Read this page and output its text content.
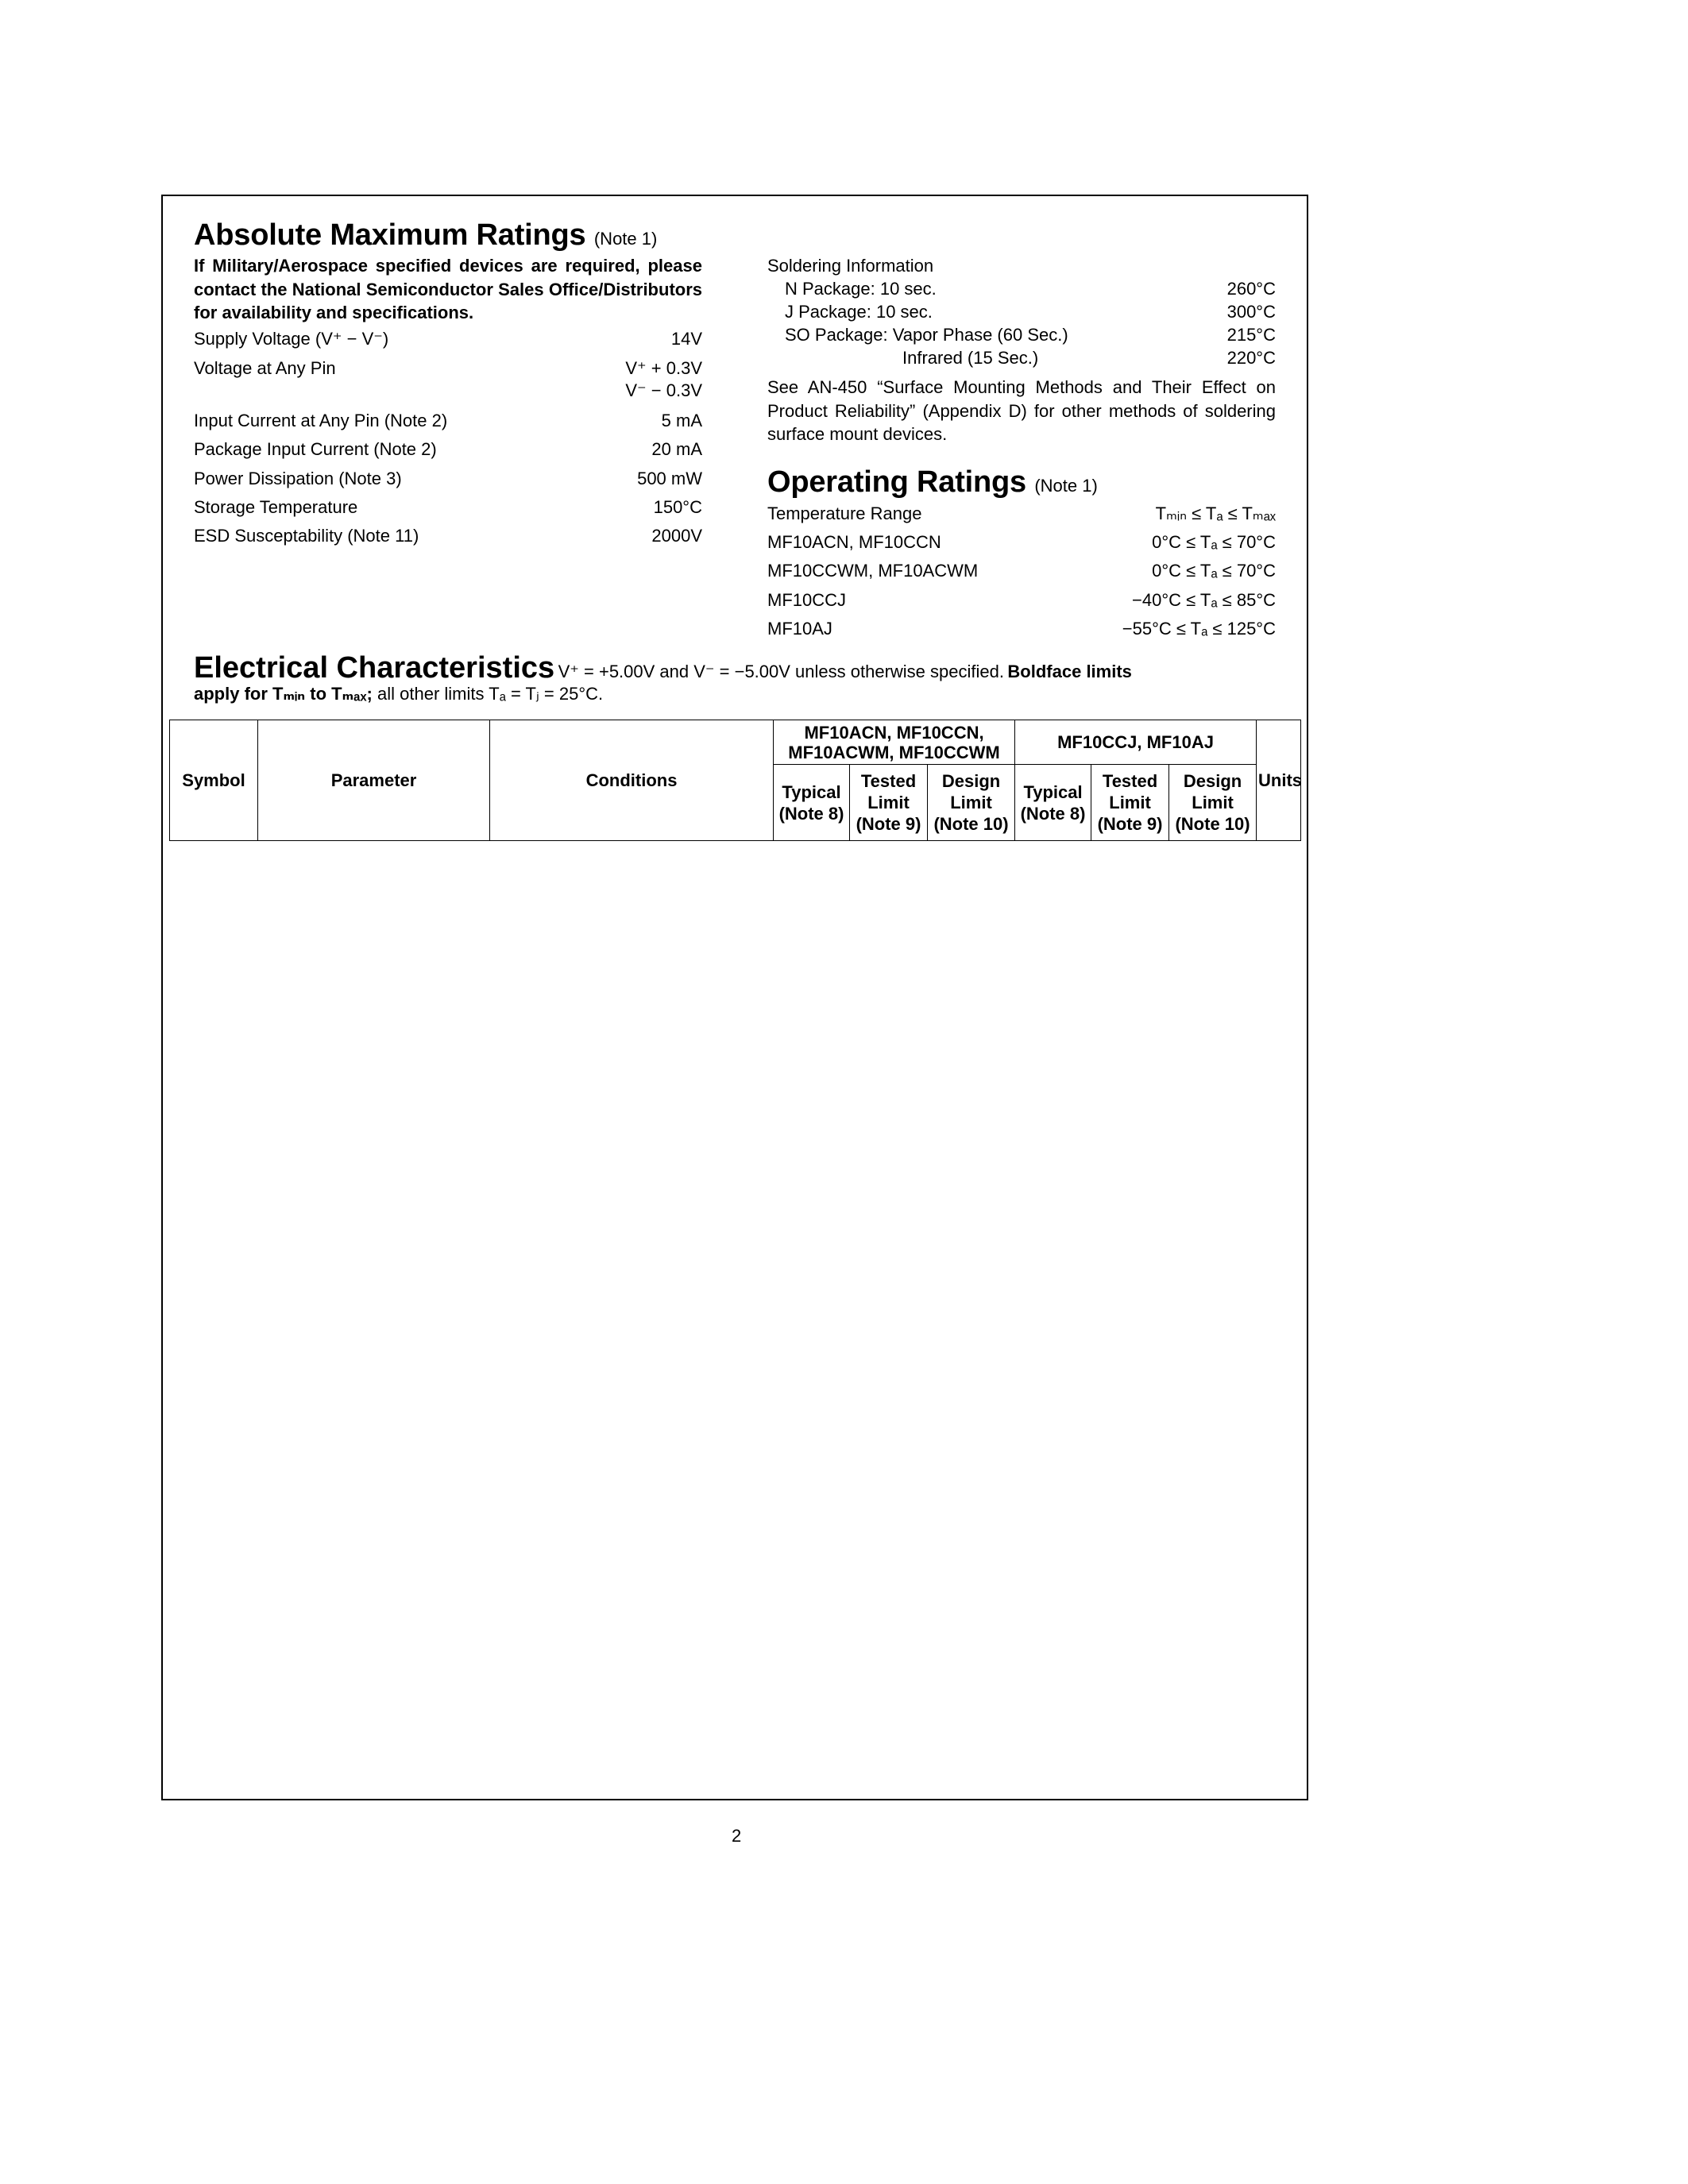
Absolute Maximum Ratings (Note 1)
If Military/Aerospace specified devices are required, please contact the National Semiconductor Sales Office/Distributors for availability and specifications.
Supply Voltage (V⁺ − V⁻)	14V
Voltage at Any Pin	V⁺ + 0.3V
V⁻ − 0.3V
Input Current at Any Pin (Note 2)	5 mA
Package Input Current (Note 2)	20 mA
Power Dissipation (Note 3)	500 mW
Storage Temperature	150°C
ESD Susceptability (Note 11)	2000V
Soldering Information
N Package: 10 sec.	260°C
J Package: 10 sec.	300°C
SO Package: Vapor Phase (60 Sec.)	215°C
Infrared (15 Sec.)	220°C
See AN-450 “Surface Mounting Methods and Their Effect on Product Reliability” (Appendix D) for other methods of soldering surface mount devices.
Operating Ratings (Note 1)
Temperature Range	Tₘᵢₙ ≤ Tₐ ≤ Tₘₐₓ
MF10ACN, MF10CCN	0°C ≤ Tₐ ≤ 70°C
MF10CCWM, MF10ACWM	0°C ≤ Tₐ ≤ 70°C
MF10CCJ	−40°C ≤ Tₐ ≤ 85°C
MF10AJ	−55°C ≤ Tₐ ≤ 125°C
Electrical Characteristics V⁺ = +5.00V and V⁻ = −5.00V unless otherwise specified. Boldface limits
apply for Tₘᵢₙ to Tₘₐₓ; all other limits Tₐ = Tⱼ = 25°C.
Symbol	Parameter	Conditions	MF10ACN, MF10CCN, MF10ACWM, MF10CCWM			MF10CCJ, MF10AJ			Units
			Typical (Note 8)	Tested Limit (Note 9)	Design Limit (Note 10)	Typical (Note 8)	Tested Limit (Note 9)	Design Limit (Note 10)	
2
